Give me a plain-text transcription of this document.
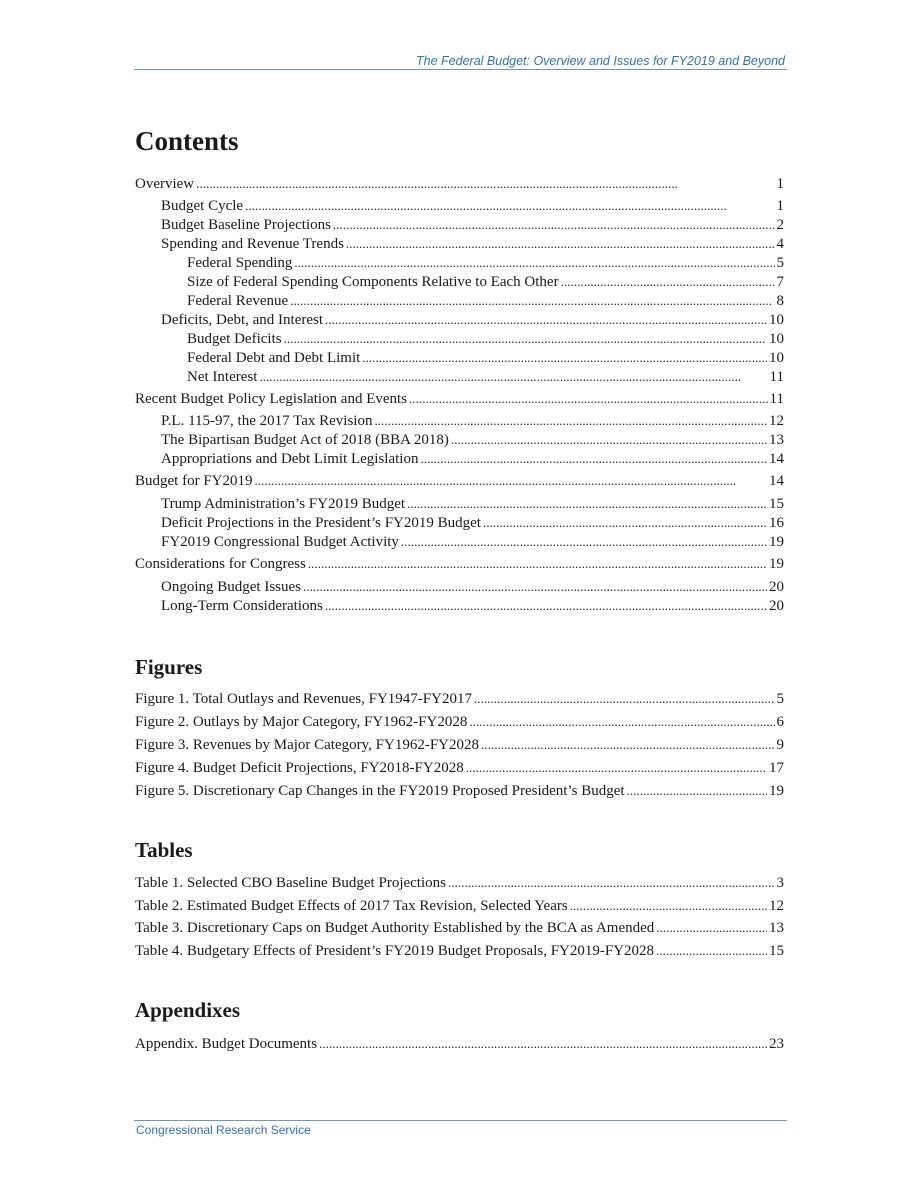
The Federal Budget: Overview and Issues for FY2019 and Beyond
Contents
Overview . . .	1
Budget Cycle . . .	1
Budget Baseline Projections . . .	2
Spending and Revenue Trends . . .	4
Federal Spending . . .	5
Size of Federal Spending Components Relative to Each Other . . .	7
Federal Revenue . . .	8
Deficits, Debt, and Interest . . .	10
Budget Deficits . . .	10
Federal Debt and Debt Limit . . .	10
Net Interest . . .	11
Recent Budget Policy Legislation and Events . . .	11
P.L. 115-97, the 2017 Tax Revision . . .	12
The Bipartisan Budget Act of 2018 (BBA 2018) . . .	13
Appropriations and Debt Limit Legislation . . .	14
Budget for FY2019 . . .	14
Trump Administration’s FY2019 Budget . . .	15
Deficit Projections in the President’s FY2019 Budget . . .	16
FY2019 Congressional Budget Activity . . .	19
Considerations for Congress . . .	19
Ongoing Budget Issues . . .	20
Long-Term Considerations . . .	20
Figures
Figure 1. Total Outlays and Revenues, FY1947-FY2017 . . .	5
Figure 2. Outlays by Major Category, FY1962-FY2028 . . .	6
Figure 3. Revenues by Major Category, FY1962-FY2028 . . .	9
Figure 4. Budget Deficit Projections, FY2018-FY2028 . . .	17
Figure 5. Discretionary Cap Changes in the FY2019 Proposed President’s Budget . . .	19
Tables
Table 1. Selected CBO Baseline Budget Projections . . .	3
Table 2. Estimated Budget Effects of 2017 Tax Revision, Selected Years . . .	12
Table 3. Discretionary Caps on Budget Authority Established by the BCA as Amended . . .	13
Table 4. Budgetary Effects of President’s FY2019 Budget Proposals, FY2019-FY2028 . . .	15
Appendixes
Appendix. Budget Documents . . .	23
Congressional Research Service
